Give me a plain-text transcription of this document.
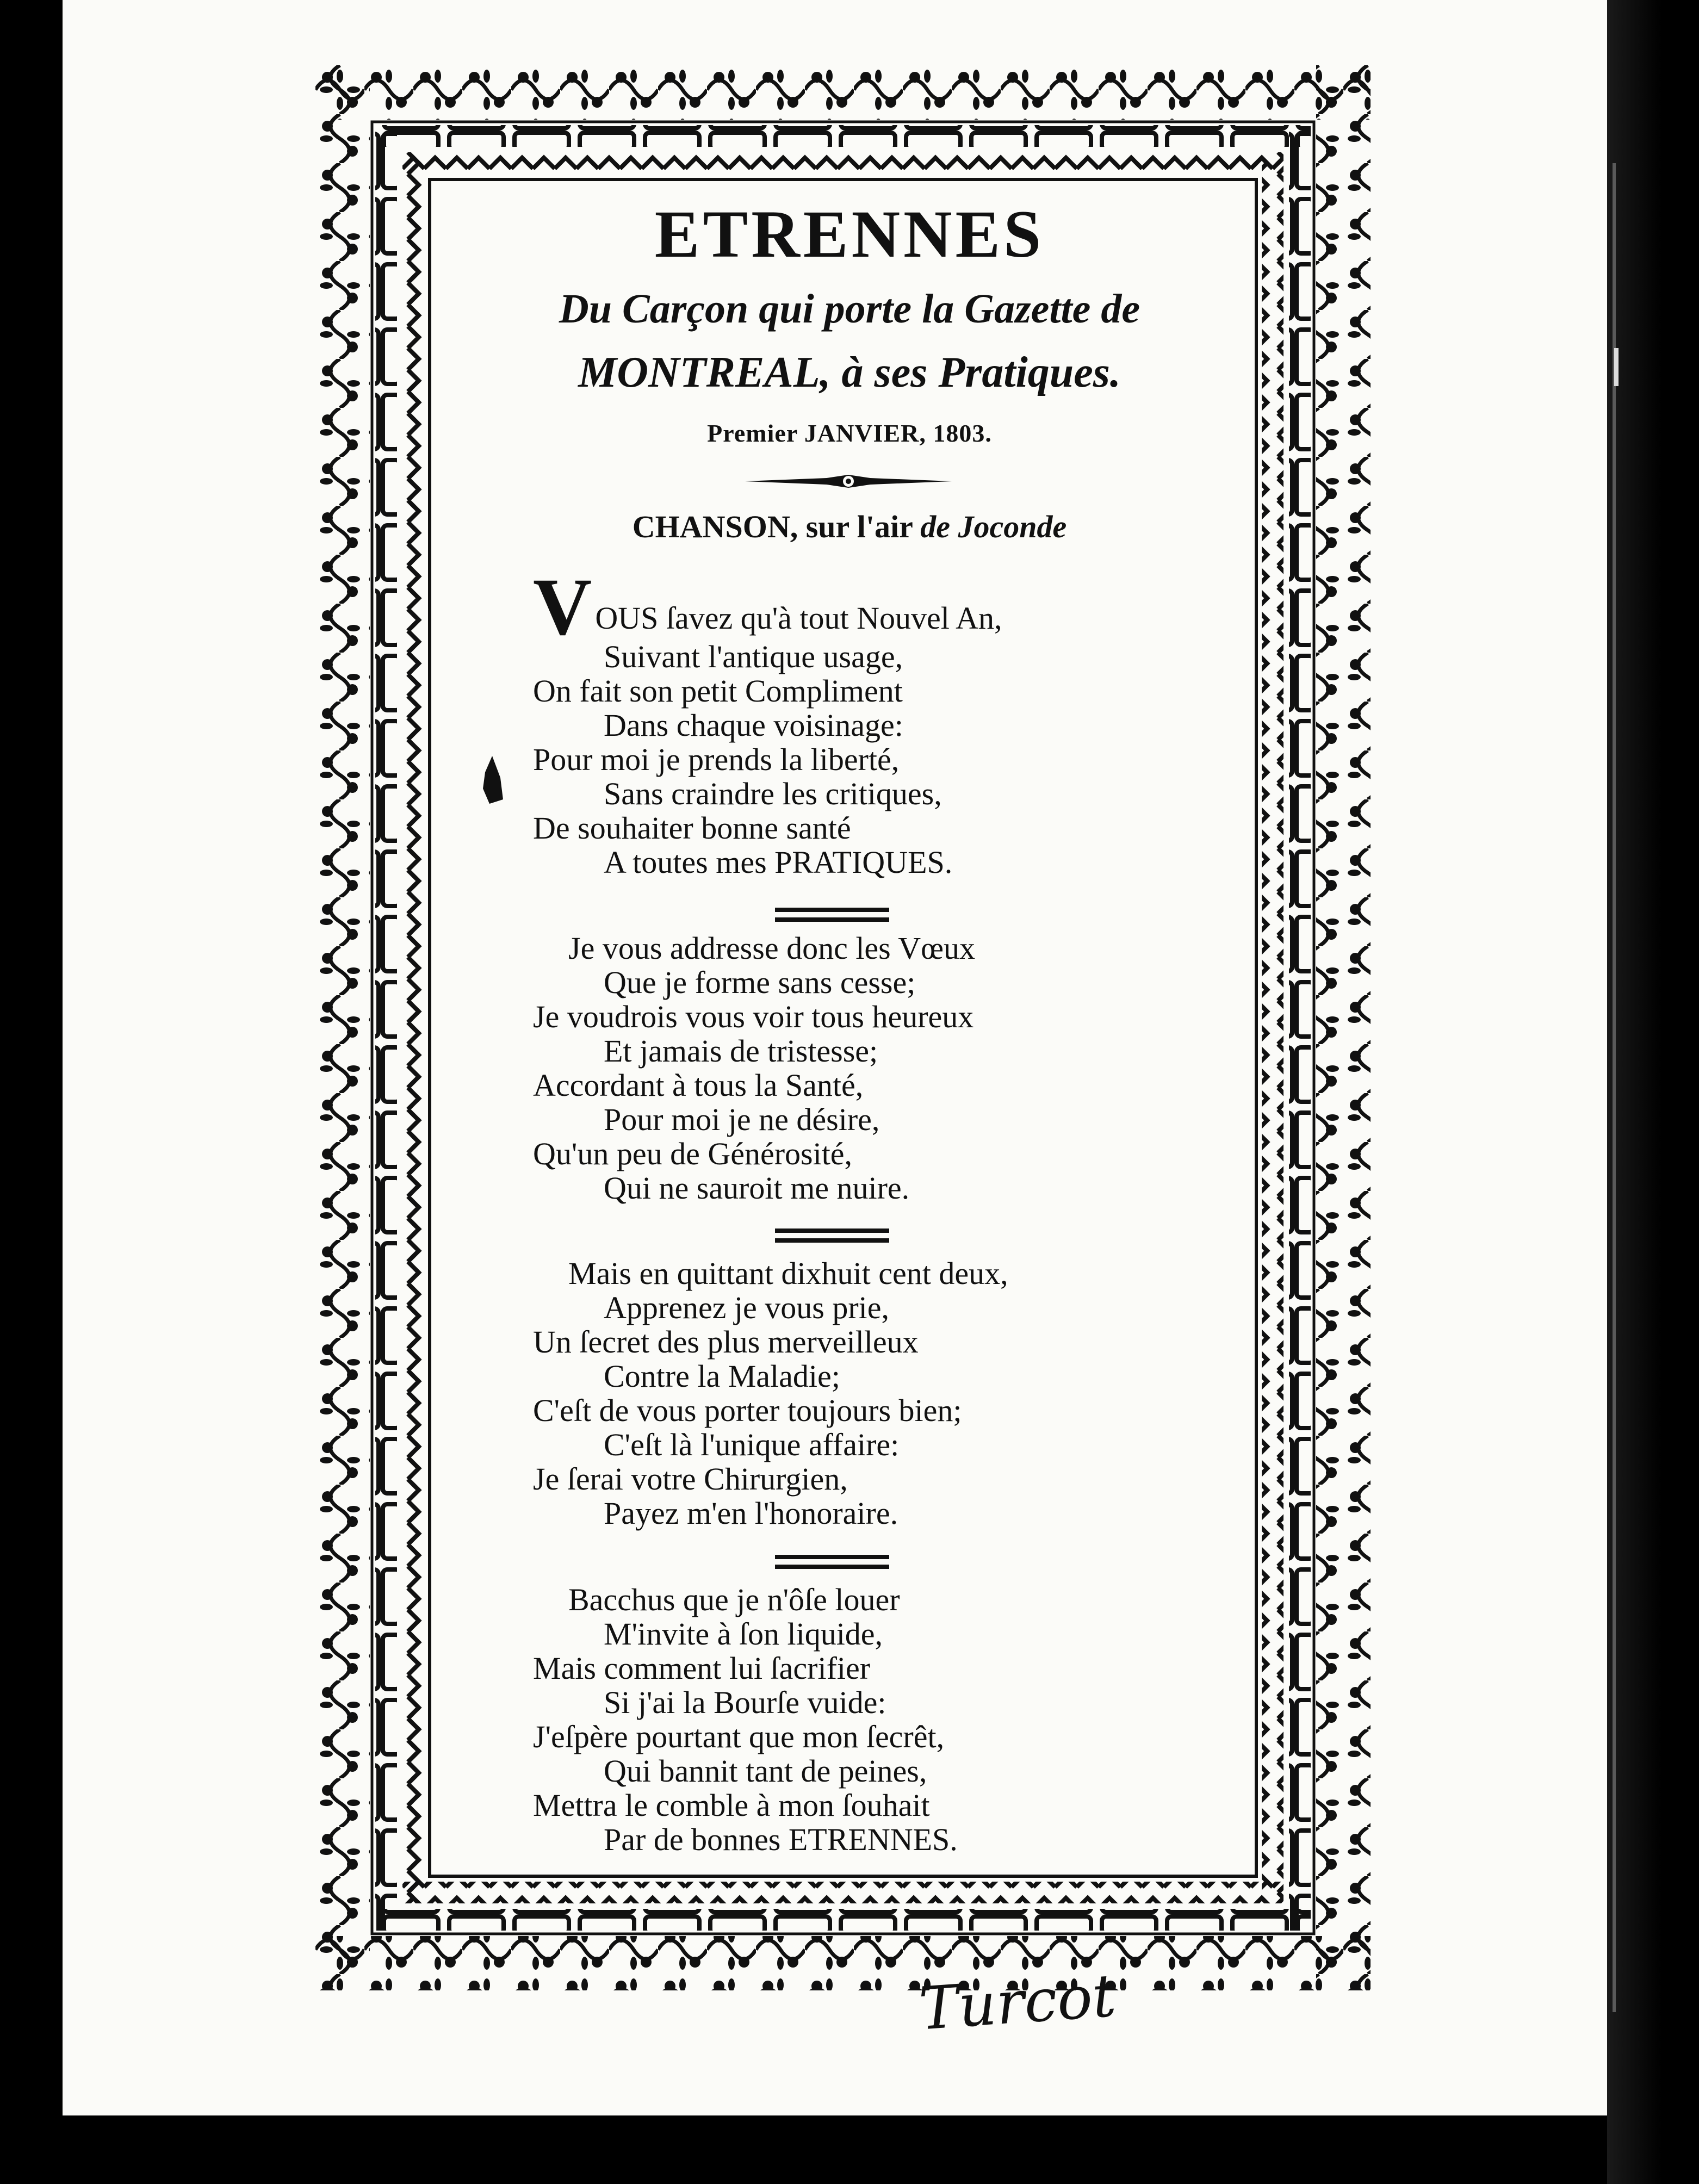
ETRENNES
Du Carçon qui porte la Gazette de
MONTREAL, à ses Pratiques.
Premier JANVIER, 1803.
CHANSON, sur l'air de Joconde
V OUS ſavez qu'à tout Nouvel An,
Suivant l'antique usage,
On fait son petit Compliment
Dans chaque voisinage:
Pour moi je prends la liberté,
Sans craindre les critiques,
De souhaiter bonne santé
A toutes mes PRATIQUES.
Je vous addresse donc les Vœux
Que je forme sans cesse;
Je voudrois vous voir tous heureux
Et jamais de tristesse;
Accordant à tous la Santé,
Pour moi je ne désire,
Qu'un peu de Générosité,
Qui ne sauroit me nuire.
Mais en quittant dixhuit cent deux,
Apprenez je vous prie,
Un ſecret des plus merveilleux
Contre la Maladie;
C'eſt de vous porter toujours bien;
C'eſt là l'unique affaire:
Je ſerai votre Chirurgien,
Payez m'en l'honoraire.
Bacchus que je n'ôſe louer
M'invite à ſon liquide,
Mais comment lui ſacrifier
Si j'ai la Bourſe vuide:
J'eſpère pourtant que mon ſecrêt,
Qui bannit tant de peines,
Mettra le comble à mon ſouhait
Par de bonnes ETRENNES.
Turcot
